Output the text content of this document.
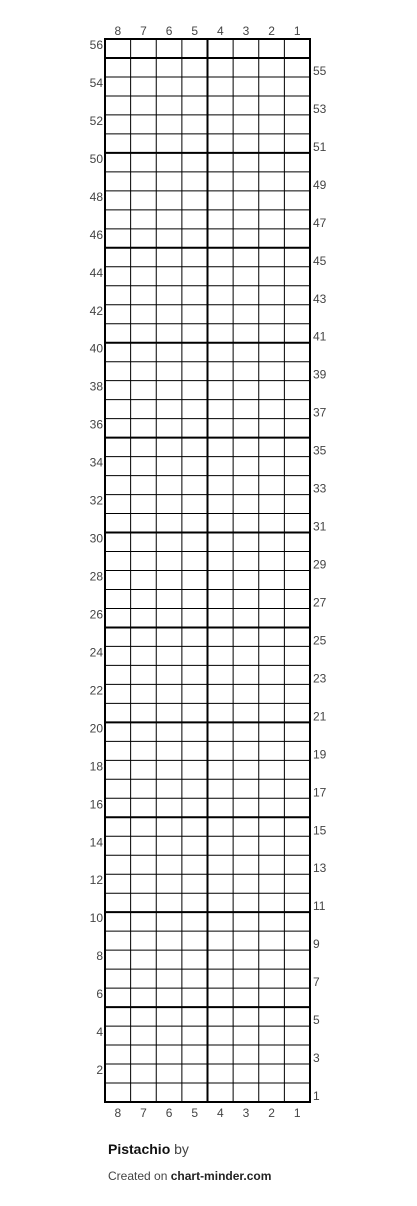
8 7 6 5 4 3 2 1
8 7 6 5 4 3 2 1
56
54
52
50
48
46
44
42
40
38
36
34
32
30
28
26
24
22
20
18
16
14
12
10
8
6
4
2
55
53
51
49
47
45
43
41
39
37
35
33
31
29
27
25
23
21
19
17
15
13
11
9
7
5
3
1
Pistachio by
Created on chart-minder.com
